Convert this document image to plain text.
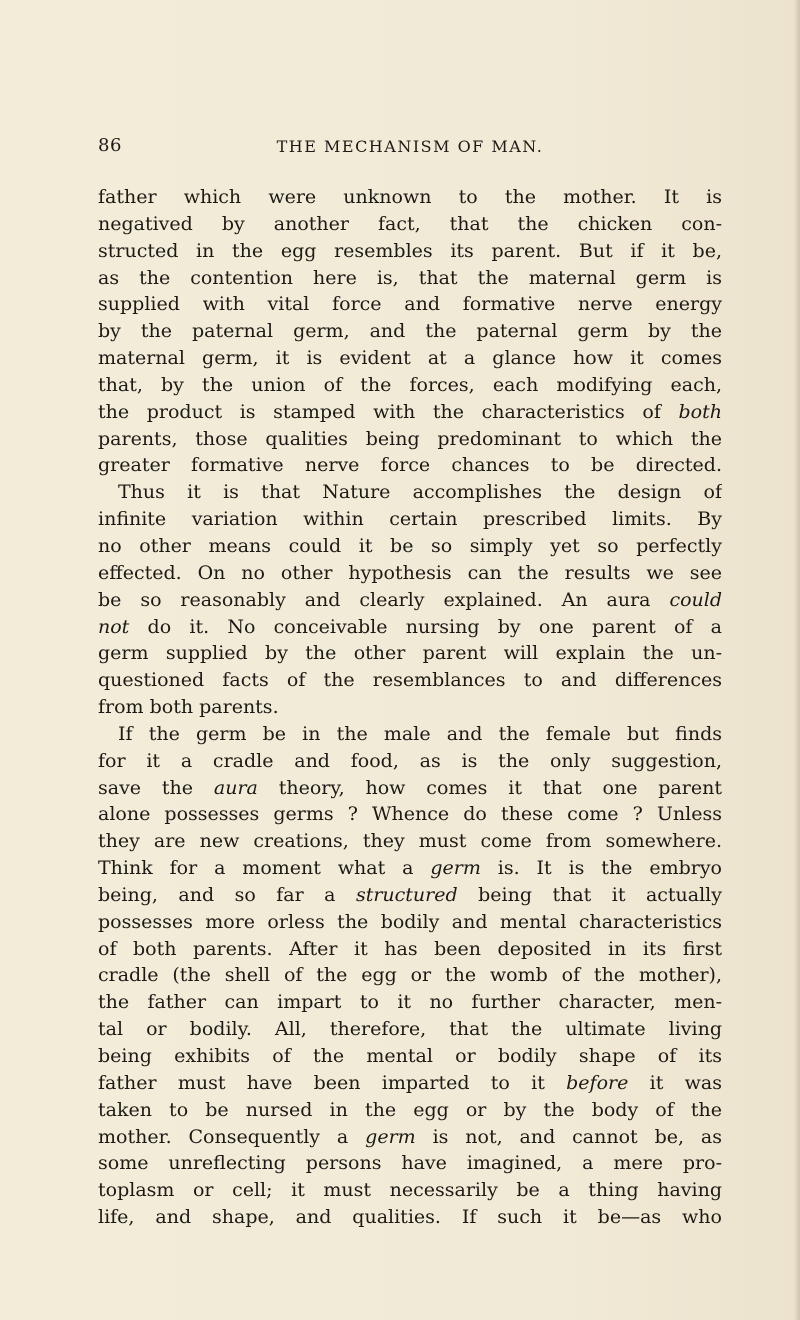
86	THE MECHANISM OF MAN.
father which were unknown to the mother. It is
negatived by another fact, that the chicken con-
structed in the egg resembles its parent. But if it be,
as the contention here is, that the maternal germ is
supplied with vital force and formative nerve energy
by the paternal germ, and the paternal germ by the
maternal germ, it is evident at a glance how it comes
that, by the union of the forces, each modifying each,
the product is stamped with the characteristics of both
parents, those qualities being predominant to which the
greater formative nerve force chances to be directed.
Thus it is that Nature accomplishes the design of
infinite variation within certain prescribed limits. By
no other means could it be so simply yet so perfectly
effected. On no other hypothesis can the results we see
be so reasonably and clearly explained. An aura could
not do it. No conceivable nursing by one parent of a
germ supplied by the other parent will explain the un-
questioned facts of the resemblances to and differences
from both parents.
If the germ be in the male and the female but finds
for it a cradle and food, as is the only suggestion,
save the aura theory, how comes it that one parent
alone possesses germs ? Whence do these come ? Unless
they are new creations, they must come from somewhere.
Think for a moment what a germ is. It is the embryo
being, and so far a structured being that it actually
possesses more orless the bodily and mental characteristics
of both parents. After it has been deposited in its first
cradle (the shell of the egg or the womb of the mother),
the father can impart to it no further character, men-
tal or bodily. All, therefore, that the ultimate living
being exhibits of the mental or bodily shape of its
father must have been imparted to it before it was
taken to be nursed in the egg or by the body of the
mother. Consequently a germ is not, and cannot be, as
some unreflecting persons have imagined, a mere pro-
toplasm or cell; it must necessarily be a thing having
life, and shape, and qualities. If such it be—as who
